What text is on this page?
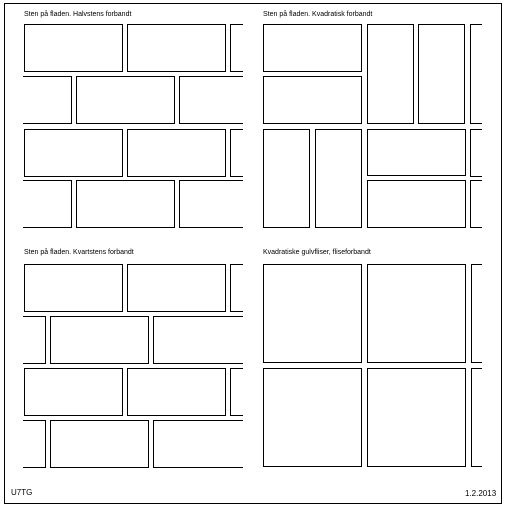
Sten på fladen. Halvstens forbandt	Sten på fladen. Kvadratisk forbandt
Sten på fladen. Kvartstens forbandt	Kvadratiske gulvfliser, fliseforbandt
U7TG	1.2.2013
